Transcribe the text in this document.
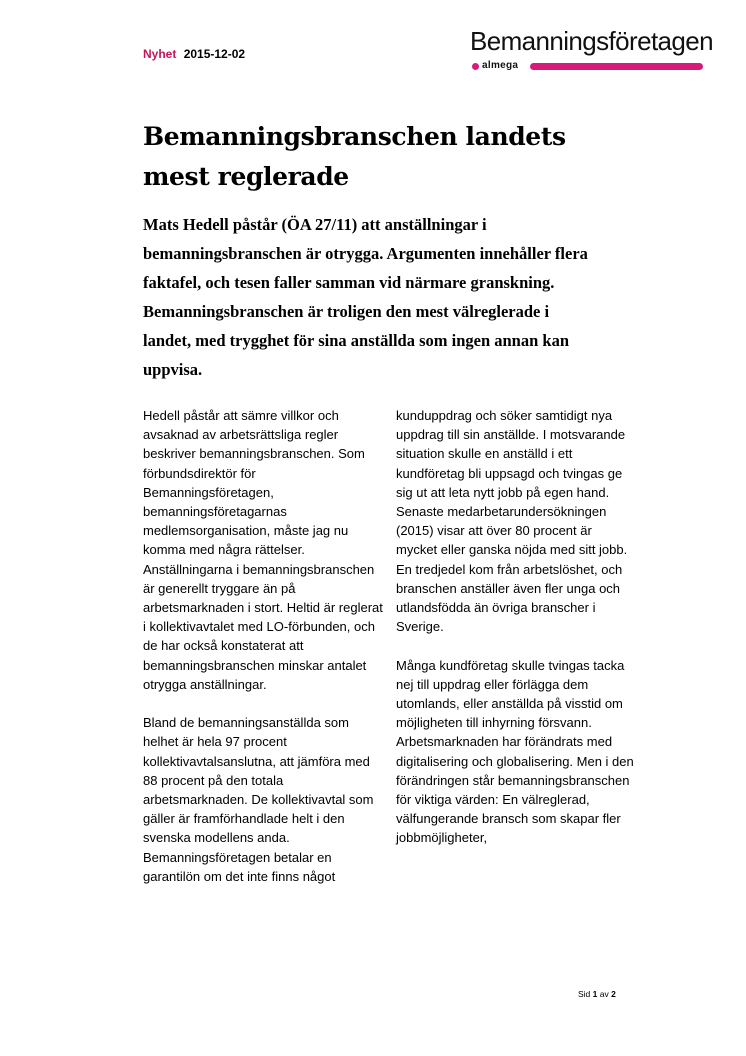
Nyhet 2015-12-02	Bemanningsföretagen
almega
Bemanningsbranschen landets mest reglerade

Mats Hedell påstår (ÖA 27/11) att anställningar i bemanningsbranschen är otrygga. Argumenten innehåller flera faktafel, och tesen faller samman vid närmare granskning. Bemanningsbranschen är troligen den mest välreglerade i landet, med trygghet för sina anställda som ingen annan kan uppvisa.

Hedell påstår att sämre villkor och avsaknad av arbetsrättsliga regler beskriver bemanningsbranschen. Som förbundsdirektör för Bemanningsföretagen, bemanningsföretagarnas medlemsorganisation, måste jag nu komma med några rättelser. Anställningarna i bemanningsbranschen är generellt tryggare än på arbetsmarknaden i stort. Heltid är reglerat i kollektivavtalet med LO-förbunden, och de har också konstaterat att bemanningsbranschen minskar antalet otrygga anställningar.

Bland de bemanningsanställda som helhet är hela 97 procent kollektivavtalsanslutna, att jämföra med 88 procent på den totala arbetsmarknaden. De kollektivavtal som gäller är framförhandlade helt i den svenska modellens anda. Bemanningsföretagen betalar en garantilön om det inte finns något

kunduppdrag och söker samtidigt nya uppdrag till sin anställde. I motsvarande situation skulle en anställd i ett kundföretag bli uppsagd och tvingas ge sig ut att leta nytt jobb på egen hand. Senaste medarbetarundersökningen (2015) visar att över 80 procent är mycket eller ganska nöjda med sitt jobb. En tredjedel kom från arbetslöshet, och branschen anställer även fler unga och utlandsfödda än övriga branscher i Sverige.

Många kundföretag skulle tvingas tacka nej till uppdrag eller förlägga dem utomlands, eller anställda på visstid om möjligheten till inhyrning försvann. Arbetsmarknaden har förändrats med digitalisering och globalisering. Men i den förändringen står bemanningsbranschen för viktiga värden: En välreglerad, välfungerande bransch som skapar fler jobbmöjligheter,

Sid 1 av 2
